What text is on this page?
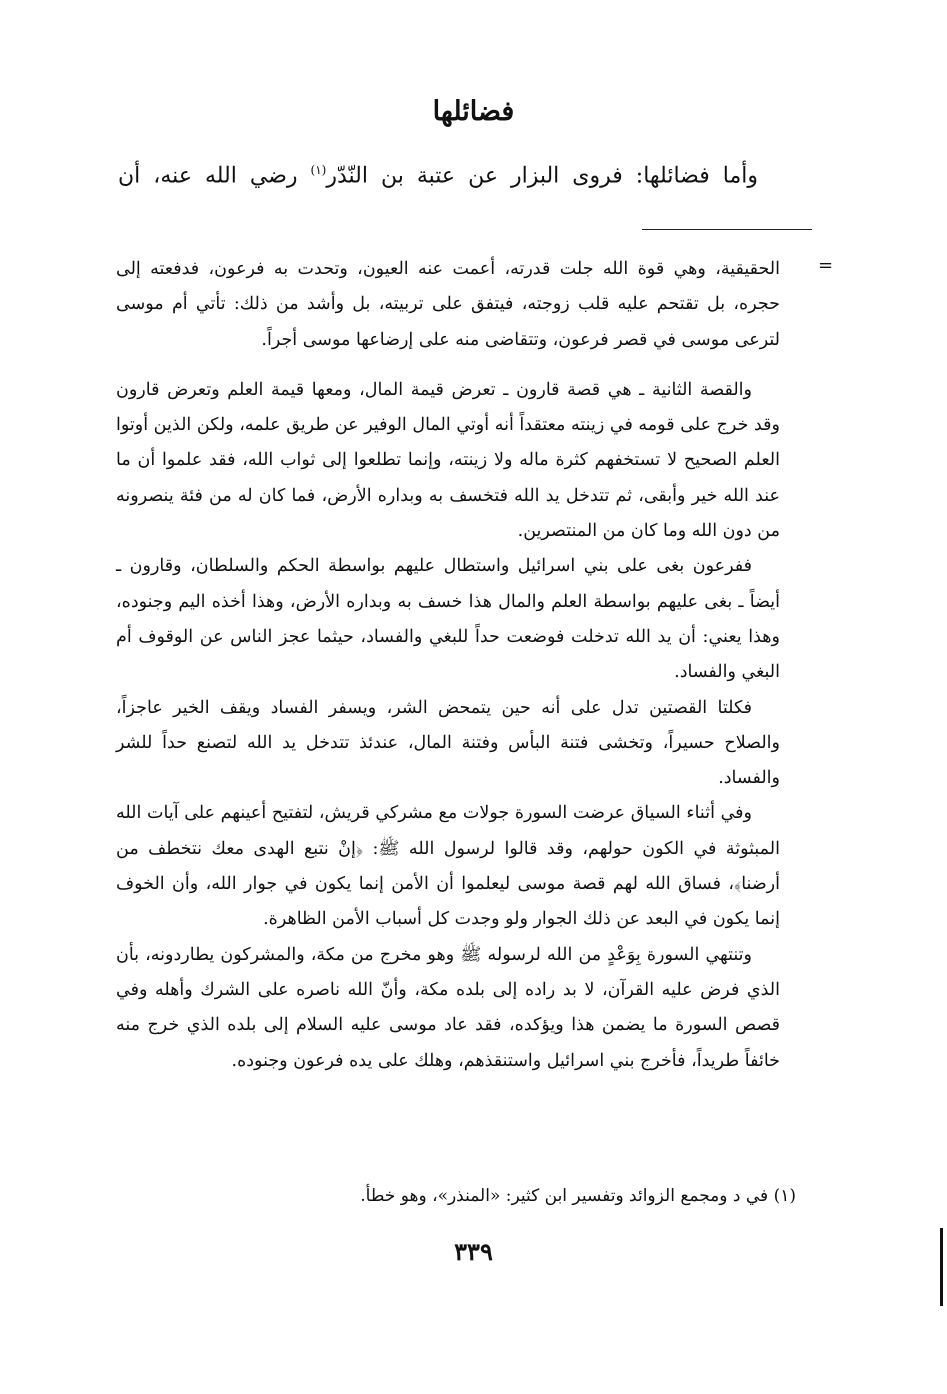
فضائلها
وأما فضائلها: فروى البزار عن عتبة بن النّدّر$^{(١)}$ رضي الله عنه، أن
=

الحقيقية، وهي قوة الله جلت قدرته، أعمت عنه العيون، وتحدت به فرعون، فدفعته إلى حجره، بل تقتحم عليه قلب زوجته، فيتفق على تربيته، بل وأشد من ذلك: تأتي أم موسى لترعى موسى في قصر فرعون، وتتقاضى منه على إرضاعها موسى أجراً.

والقصة الثانية ـ هي قصة قارون ـ تعرض قيمة المال، ومعها قيمة العلم وتعرض قارون وقد خرج على قومه في زينته معتقداً أنه أوتي المال الوفير عن طريق علمه، ولكن الذين أوتوا العلم الصحيح لا تستخفهم كثرة ماله ولا زينته، وإنما تطلعوا إلى ثواب الله، فقد علموا أن ما عند الله خير وأبقى، ثم تتدخل يد الله فتخسف به وبداره الأرض، فما كان له من فئة ينصرونه من دون الله وما كان من المنتصرين.

ففرعون بغى على بني اسرائيل واستطال عليهم بواسطة الحكم والسلطان، وقارون ـ أيضاً ـ بغى عليهم بواسطة العلم والمال هذا خسف به وبداره الأرض، وهذا أخذه اليم وجنوده، وهذا يعني: أن يد الله تدخلت فوضعت حداً للبغي والفساد، حيثما عجز الناس عن الوقوف أم البغي والفساد.

فكلتا القصتين تدل على أنه حين يتمحض الشر، ويسفر الفساد ويقف الخير عاجزاً، والصلاح حسيراً، وتخشى فتنة البأس وفتنة المال، عندئذ تتدخل يد الله لتصنع حداً للشر والفساد.

وفي أثناء السياق عرضت السورة جولات مع مشركي قريش، لتفتيح أعينهم على آيات الله المبثوثة في الكون حولهم، وقد قالوا لرسول الله ﷺ: ﴿إنْ نتبع الهدى معك نتخطف من أرضنا﴾، فساق الله لهم قصة موسى ليعلموا أن الأمن إنما يكون في جوار الله، وأن الخوف إنما يكون في البعد عن ذلك الجوار ولو وجدت كل أسباب الأمن الظاهرة.

وتنتهي السورة بِوَعْدٍ من الله لرسوله ﷺ وهو مخرج من مكة، والمشركون يطاردونه، بأن الذي فرض عليه القرآن، لا بد راده إلى بلده مكة، وأنّ الله ناصره على الشرك وأهله وفي قصص السورة ما يضمن هذا ويؤكده، فقد عاد موسى عليه السلام إلى بلده الذي خرج منه خائفاً طريداً، فأخرج بني اسرائيل واستنقذهم، وهلك على يده فرعون وجنوده.

(١) في د ومجمع الزوائد وتفسير ابن كثير: «المنذر»، وهو خطأ.
٣٣٩
